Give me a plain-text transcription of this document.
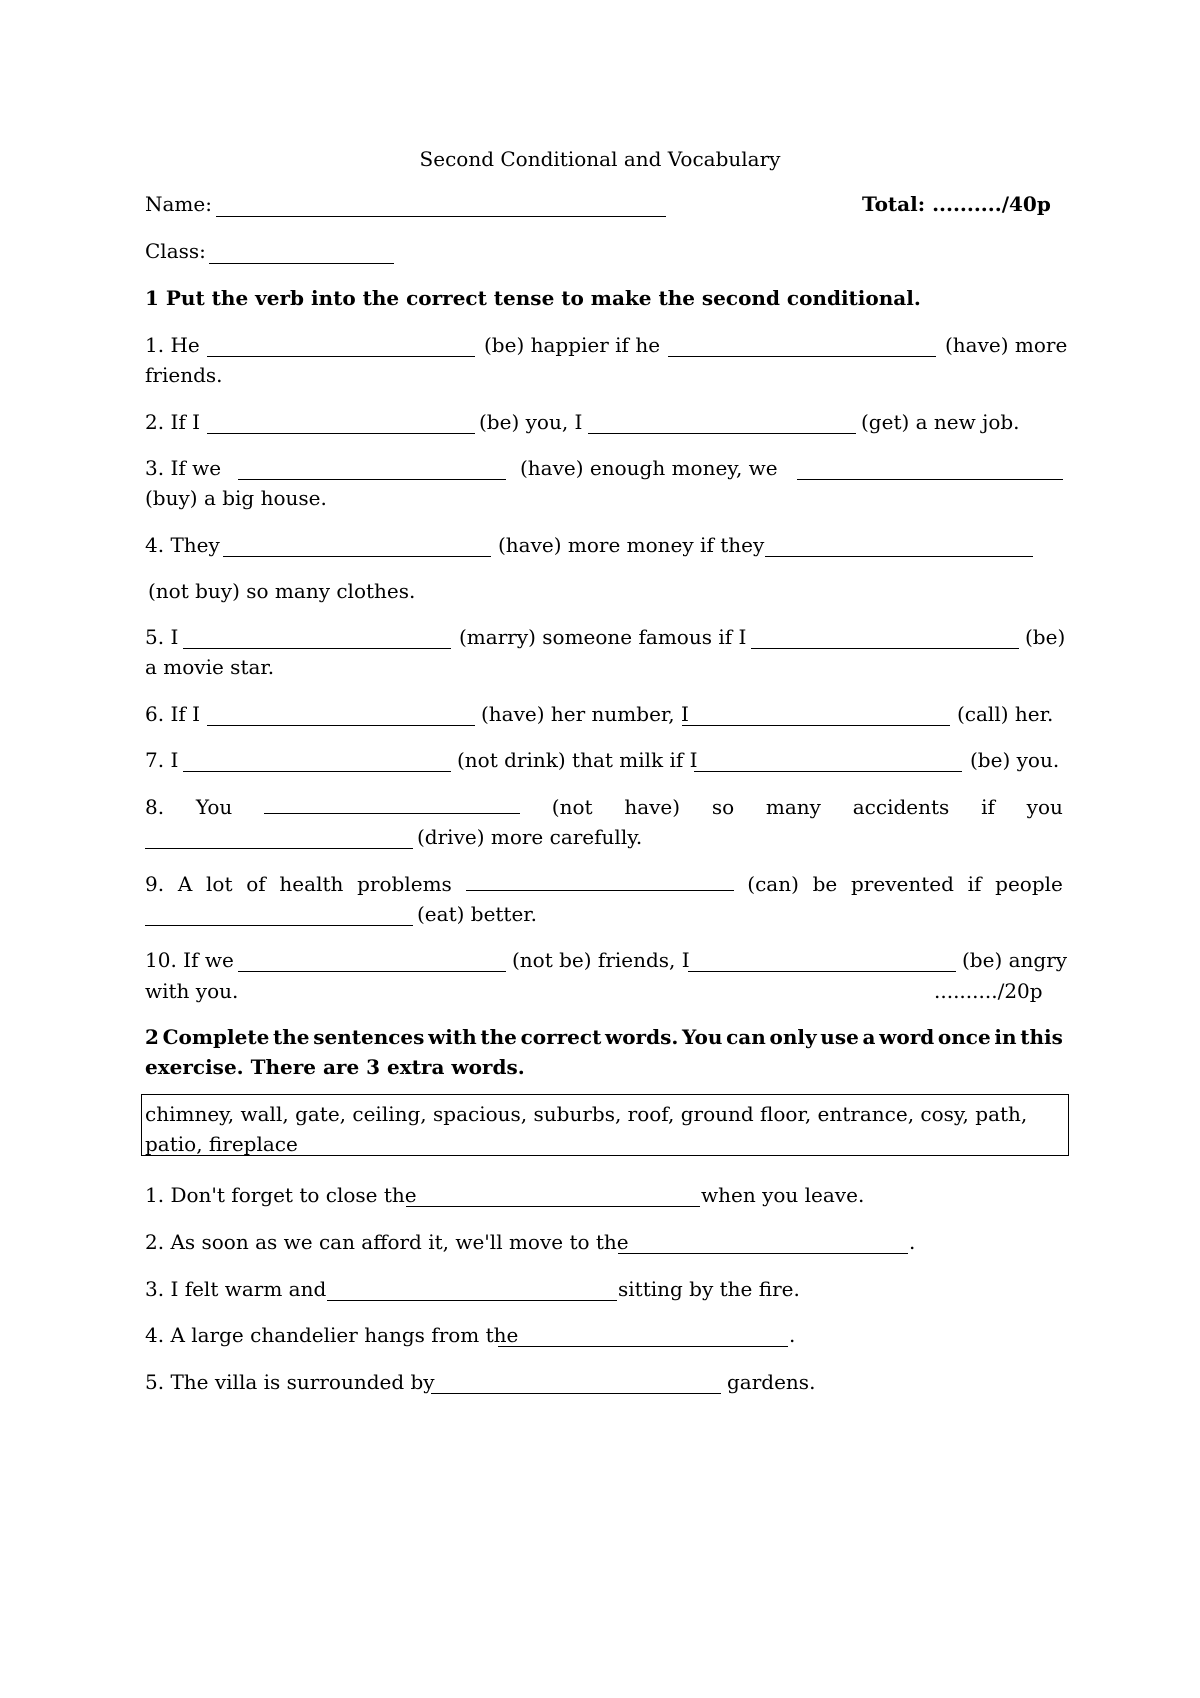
Second Conditional and Vocabulary
Name:	Total: ........../40p
Class:
1 Put the verb into the correct tense to make the second conditional.
1. He	(be) happier if he	(have) more
friends.
2. If I	(be) you, I	(get) a new job.
3. If we	(have) enough money, we
(buy) a big house.
4. They	(have) more money if they
(not buy) so many clothes.
5. I	(marry) someone famous if I	(be)
a movie star.
6. If I	(have) her number, I	(call) her.
7. I	(not drink) that milk if I	(be) you.
8. You	(not have) so many accidents if you
(drive) more carefully.
9. A lot of health problems	(can) be prevented if people
(eat) better.
10. If we	(not be) friends, I	(be) angry
with you.	........../20p
2 Complete the sentences with the correct words. You can only use a word once in this
exercise. There are 3 extra words.
chimney, wall, gate, ceiling, spacious, suburbs, roof, ground floor, entrance, cosy, path, patio, fireplace
1. Don't forget to close the	when you leave.
2. As soon as we can afford it, we'll move to the	.
3. I felt warm and	sitting by the fire.
4. A large chandelier hangs from the	.
5. The villa is surrounded by	gardens.
